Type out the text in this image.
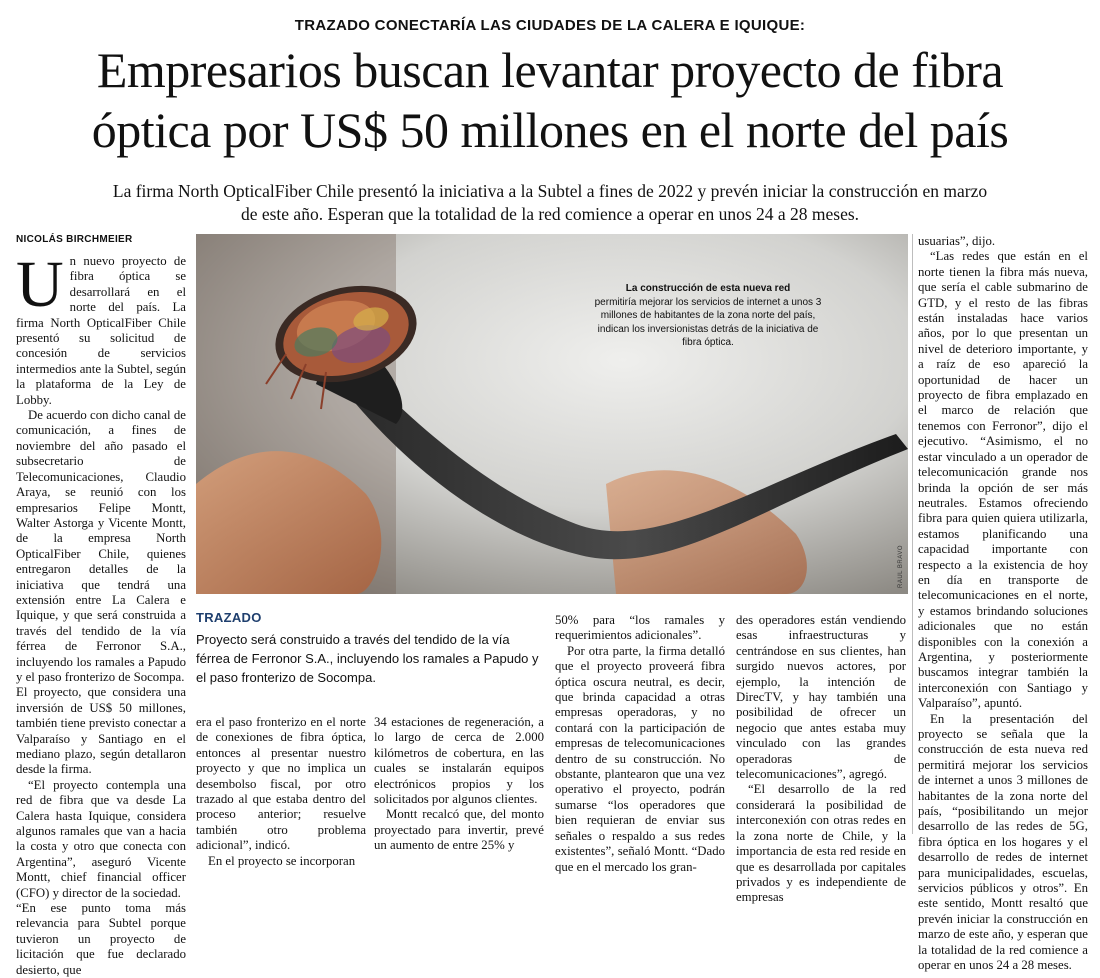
TRAZADO CONECTARÍA LAS CIUDADES DE LA CALERA E IQUIQUE:
Empresarios buscan levantar proyecto de fibra
óptica por US$ 50 millones en el norte del país
La firma North OpticalFiber Chile presentó la iniciativa a la Subtel a fines de 2022 y prevén iniciar la construcción en marzo
de este año. Esperan que la totalidad de la red comience a operar en unos 24 a 28 meses.
NICOLÁS BIRCHMEIER

Un nuevo proyecto de fibra óptica se desarrollará en el norte del país. La firma North OpticalFiber Chile presentó su solicitud de concesión de servicios intermedios ante la Subtel, según la plataforma de la Ley de Lobby.

De acuerdo con dicho canal de comunicación, a fines de noviembre del año pasado el subsecretario de Telecomunicaciones, Claudio Araya, se reunió con los empresarios Felipe Montt, Walter Astorga y Vicente Montt, de la empresa North OpticalFiber Chile, quienes entregaron detalles de la iniciativa que tendrá una extensión entre La Calera e Iquique, y que será construida a través del tendido de la vía férrea de Ferronor S.A., incluyendo los ramales a Papudo y el paso fronterizo de Socompa.

El proyecto, que considera una inversión de US$ 50 millones, también tiene previsto conectar a Valparaíso y Santiago en el mediano plazo, según detallaron desde la firma.

“El proyecto contempla una red de fibra que va desde La Calera hasta Iquique, considera algunos ramales que van a hacia la costa y otro que conecta con Argentina”, aseguró Vicente Montt, chief financial officer (CFO) y director de la sociedad.

“En ese punto toma más relevancia para Subtel porque tuvieron un proyecto de licitación que fue declarado desierto, que

RAÚL BRAVO
La construcción de esta nueva red
permitiría mejorar los servicios de internet a unos 3 millones de habitantes de la zona norte del país, indican los inversionistas detrás de la iniciativa de fibra óptica.
TRAZADO
Proyecto será construido a través del tendido de la vía férrea de Ferronor S.A., incluyendo los ramales a Papudo y el paso fronterizo de Socompa.

era el paso fronterizo en el norte de conexiones de fibra óptica, entonces al presentar nuestro proyecto y que no implica un desembolso fiscal, por otro trazado al que estaba dentro del proceso anterior; resuelve también otro problema adicional”, indicó.

En el proyecto se incorporan

34 estaciones de regeneración, a lo largo de cerca de 2.000 kilómetros de cobertura, en las cuales se instalarán equipos electrónicos propios y los solicitados por algunos clientes.

Montt recalcó que, del monto proyectado para invertir, prevé un aumento de entre 25% y

50% para “los ramales y requerimientos adicionales”.

Por otra parte, la firma detalló que el proyecto proveerá fibra óptica oscura neutral, es decir, que brinda capacidad a otras empresas operadoras, y no contará con la participación de empresas de telecomunicaciones dentro de su construcción. No obstante, plantearon que una vez operativo el proyecto, podrán sumarse “los operadores que bien requieran de enviar sus señales o respaldo a sus redes existentes”, señaló Montt. “Dado que en el mercado los gran-

des operadores están vendiendo esas infraestructuras y centrándose en sus clientes, han surgido nuevos actores, por ejemplo, la intención de DirecTV, y hay también una posibilidad de ofrecer un negocio que antes estaba muy vinculado con las grandes operadoras de telecomunicaciones”, agregó.

“El desarrollo de la red considerará la posibilidad de interconexión con otras redes en la zona norte de Chile, y la importancia de esta red reside en que es desarrollada por capitales privados y es independiente de empresas

usuarias”, dijo.

“Las redes que están en el norte tienen la fibra más nueva, que sería el cable submarino de GTD, y el resto de las fibras están instaladas hace varios años, por lo que presentan un nivel de deterioro importante, y a raíz de eso apareció la oportunidad de hacer un proyecto de fibra emplazado en el marco de relación que tenemos con Ferronor”, dijo el ejecutivo. “Asimismo, el no estar vinculado a un operador de telecomunicación grande nos brinda la opción de ser más neutrales. Estamos ofreciendo fibra para quien quiera utilizarla, estamos planificando una capacidad importante con respecto a la existencia de hoy en día en transporte de telecomunicaciones en el norte, y estamos brindando soluciones adicionales que no están disponibles con la conexión a Argentina, y posteriormente buscamos integrar también la interconexión con Santiago y Valparaíso”, apuntó.

En la presentación del proyecto se señala que la construcción de esta nueva red permitirá mejorar los servicios de internet a unos 3 millones de habitantes de la zona norte del país, “posibilitando un mejor desarrollo de las redes de 5G, fibra óptica en los hogares y el desarrollo de redes de internet para municipalidades, escuelas, servicios públicos y otros”. En este sentido, Montt resaltó que prevén iniciar la construcción en marzo de este año, y esperan que la totalidad de la red comience a operar en unos 24 a 28 meses.
